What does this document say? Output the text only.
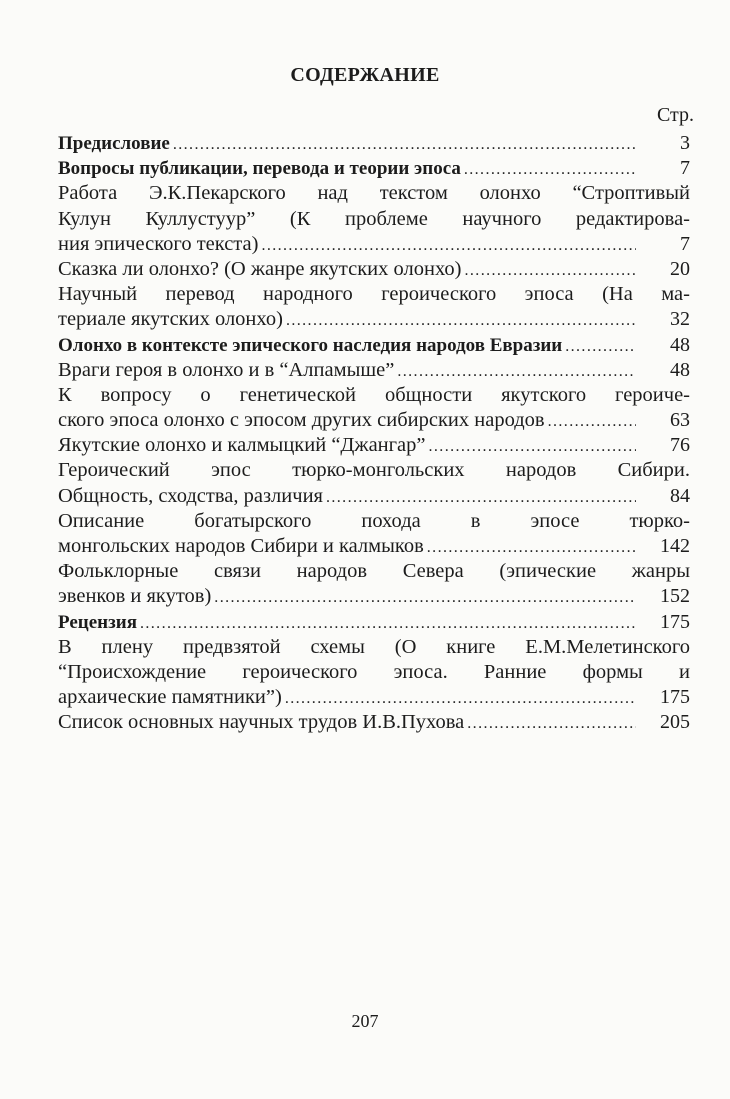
СОДЕРЖАНИЕ
Стр.
Предисловие .....	3
Вопросы публикации, перевода и теории эпоса .....	7
Работа Э.К.Пекарского над текстом олонхо “Строптивый
Кулун Куллустуур” (К проблеме научного редактирова-
ния эпического текста) .....	7
Сказка ли олонхо? (О жанре якутских олонхо) .....	20
Научный перевод народного героического эпоса (На ма-
териале якутских олонхо) .....	32
Олонхо в контексте эпического наследия народов Евразии .....	48
Враги героя в олонхо и в “Алпамыше” .....	48
К вопросу о генетической общности якутского героиче-
ского эпоса олонхо с эпосом других сибирских народов .....	63
Якутские олонхо и калмыцкий “Джангар” .....	76
Героический эпос тюрко-монгольских народов Сибири.
Общность, сходства, различия .....	84
Описание богатырского похода в эпосе тюрко-
монгольских народов Сибири и калмыков .....	142
Фольклорные связи народов Севера (эпические жанры
эвенков и якутов) .....	152
Рецензия .....	175
В плену предвзятой схемы (О книге Е.М.Мелетинского
“Происхождение героического эпоса. Ранние формы и
архаические памятники”) .....	175
Список основных научных трудов И.В.Пухова .....	205
207
